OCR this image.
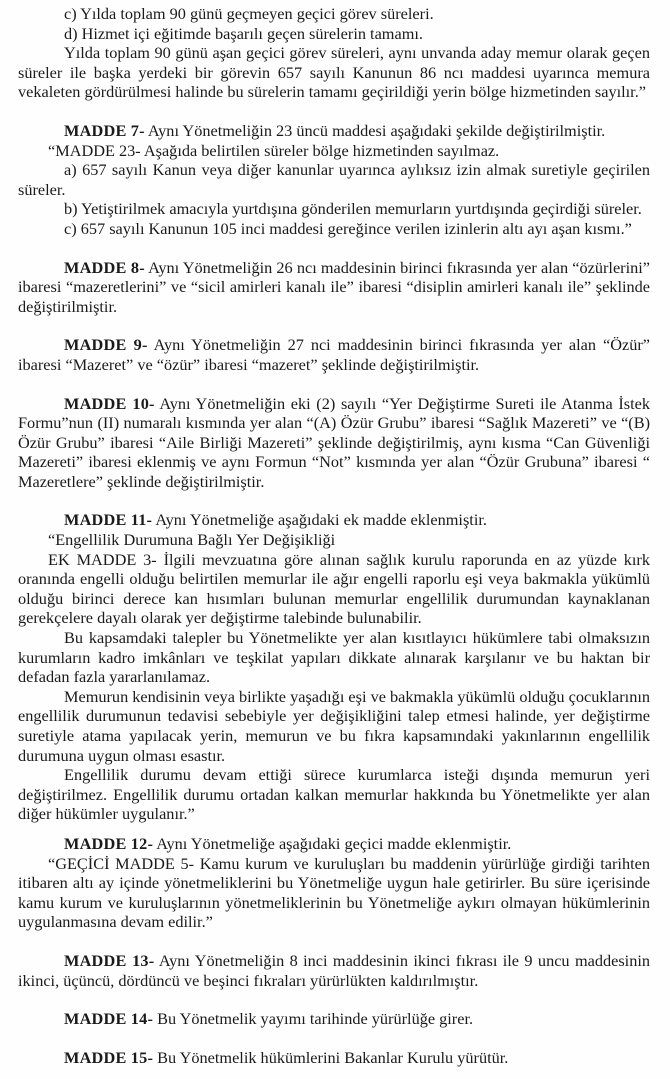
c) Yılda toplam 90 günü geçmeyen geçici görev süreleri.

d) Hizmet içi eğitimde başarılı geçen sürelerin tamamı.

Yılda toplam 90 günü aşan geçici görev süreleri, aynı unvanda aday memur olarak geçen süreler ile başka yerdeki bir görevin 657 sayılı Kanunun 86 ncı maddesi uyarınca memura vekaleten gördürülmesi halinde bu sürelerin tamamı geçirildiği yerin bölge hizmetinden sayılır.”

MADDE 7- Aynı Yönetmeliğin 23 üncü maddesi aşağıdaki şekilde değiştirilmiştir.

“MADDE 23- Aşağıda belirtilen süreler bölge hizmetinden sayılmaz.

a) 657 sayılı Kanun veya diğer kanunlar uyarınca aylıksız izin almak suretiyle geçirilen süreler.

b) Yetiştirilmek amacıyla yurtdışına gönderilen memurların yurtdışında geçirdiği süreler.

c) 657 sayılı Kanunun 105 inci maddesi gereğince verilen izinlerin altı ayı aşan kısmı.”

MADDE 8- Aynı Yönetmeliğin 26 ncı maddesinin birinci fıkrasında yer alan “özürlerini” ibaresi “mazeretlerini” ve “sicil amirleri kanalı ile” ibaresi “disiplin amirleri kanalı ile” şeklinde değiştirilmiştir.

MADDE 9- Aynı Yönetmeliğin 27 nci maddesinin birinci fıkrasında yer alan “Özür” ibaresi “Mazeret” ve “özür” ibaresi “mazeret” şeklinde değiştirilmiştir.

MADDE 10- Aynı Yönetmeliğin eki (2) sayılı “Yer Değiştirme Sureti ile Atanma İstek Formu”nun (II) numaralı kısmında yer alan “(A) Özür Grubu” ibaresi “Sağlık Mazereti” ve “(B) Özür Grubu” ibaresi “Aile Birliği Mazereti” şeklinde değiştirilmiş, aynı kısma “Can Güvenliği Mazereti” ibaresi eklenmiş ve aynı Formun “Not” kısmında yer alan “Özür Grubuna” ibaresi “ Mazeretlere” şeklinde değiştirilmiştir.

MADDE 11- Aynı Yönetmeliğe aşağıdaki ek madde eklenmiştir.

“Engellilik Durumuna Bağlı Yer Değişikliği

EK MADDE 3- İlgili mevzuatına göre alınan sağlık kurulu raporunda en az yüzde kırk oranında engelli olduğu belirtilen memurlar ile ağır engelli raporlu eşi veya bakmakla yükümlü olduğu birinci derece kan hısımları bulunan memurlar engellilik durumundan kaynaklanan gerekçelere dayalı olarak yer değiştirme talebinde bulunabilir.

Bu kapsamdaki talepler bu Yönetmelikte yer alan kısıtlayıcı hükümlere tabi olmaksızın kurumların kadro imkânları ve teşkilat yapıları dikkate alınarak karşılanır ve bu haktan bir defadan fazla yararlanılamaz.

Memurun kendisinin veya birlikte yaşadığı eşi ve bakmakla yükümlü olduğu çocuklarının engellilik durumunun tedavisi sebebiyle yer değişikliğini talep etmesi halinde, yer değiştirme suretiyle atama yapılacak yerin, memurun ve bu fıkra kapsamındaki yakınlarının engellilik durumuna uygun olması esastır.

Engellilik durumu devam ettiği sürece kurumlarca isteği dışında memurun yeri değiştirilmez. Engellilik durumu ortadan kalkan memurlar hakkında bu Yönetmelikte yer alan diğer hükümler uygulanır.”

MADDE 12- Aynı Yönetmeliğe aşağıdaki geçici madde eklenmiştir.

“GEÇİCİ MADDE 5- Kamu kurum ve kuruluşları bu maddenin yürürlüğe girdiği tarihten itibaren altı ay içinde yönetmeliklerini bu Yönetmeliğe uygun hale getirirler. Bu süre içerisinde kamu kurum ve kuruluşlarının yönetmeliklerinin bu Yönetmeliğe aykırı olmayan hükümlerinin uygulanmasına devam edilir.”

MADDE 13- Aynı Yönetmeliğin 8 inci maddesinin ikinci fıkrası ile 9 uncu maddesinin ikinci, üçüncü, dördüncü ve beşinci fıkraları yürürlükten kaldırılmıştır.

MADDE 14- Bu Yönetmelik yayımı tarihinde yürürlüğe girer.

MADDE 15- Bu Yönetmelik hükümlerini Bakanlar Kurulu yürütür.
